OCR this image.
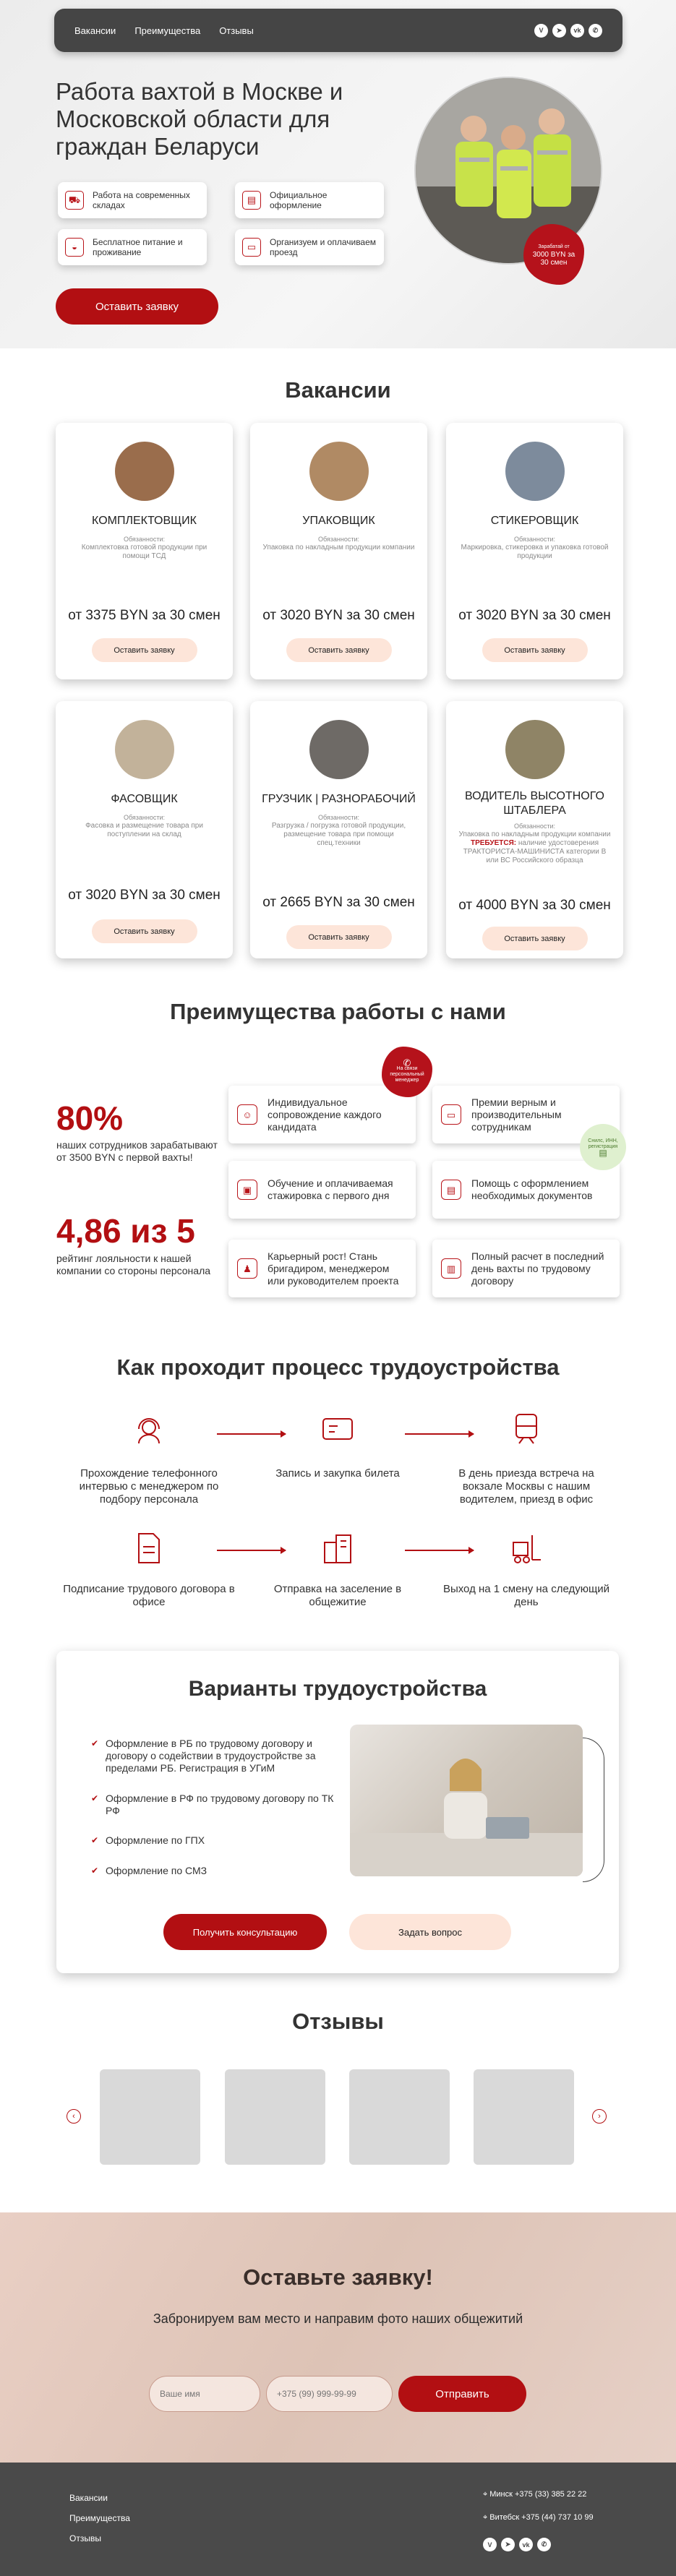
Вакансии Преимущества Отзывы	V	➤	vk	✆
Работа вахтой в Москве и Московской области для граждан Беларуси
⛟	Работа на современных складах	▤	Официальное оформление
◒	Бесплатное питание и проживание	▭	Организуем и оплачиваем проезд
Оставить заявку
Зарабатай от
3000 BYN за
30 смен
Вакансии
КОМПЛЕКТОВЩИК
Обязанности:
Комплектовка готовой продукции при помощи ТСД
от 3375 BYN за 30 смен
Оставить заявку
УПАКОВЩИК
Обязанности:
Упаковка по накладным продукции компании
от 3020 BYN за 30 смен
Оставить заявку
СТИКЕРОВЩИК
Обязанности:
Маркировка, стикеровка и упаковка готовой продукции
от 3020 BYN за 30 смен
Оставить заявку
ФАСОВЩИК
Обязанности:
Фасовка и размещение товара при поступлении на склад
от 3020 BYN за 30 смен
Оставить заявку
ГРУЗЧИК | РАЗНОРАБОЧИЙ
Обязанности:
Разгрузка / погрузка готовой продукции, размещение товара при помощи спец.техники
от 2665 BYN за 30 смен
Оставить заявку
ВОДИТЕЛЬ ВЫСОТНОГО ШТАБЛЕРА
Обязанности:
Упаковка по накладным продукции компании
ТРЕБУЕТСЯ: наличие удостоверения ТРАКТОРИСТА-МАШИНИСТА категории В или ВС Российского образца
от 4000 BYN за 30 смен
Оставить заявку
Преимущества работы с нами
80%
наших сотрудников зарабатывают от 3500 BYN с первой вахты!
4,86 из 5
рейтинг лояльности к нашей компании со стороны персонала
☺
Индивидуальное сопровождение каждого кандидата
▭
Премии верным и производительным сотрудникам
▣
Обучение и оплачиваемая стажировка с первого дня	▤
Помощь с оформлением необходимых документов
♟
Карьерный рост! Стань бригадиром, менеджером или руководителем проекта
▥
Полный расчет в последний день вахты по трудовому договору
✆
На связи персональный менеджер
Снилс, ИНН, регистрация
▤
Как проходит процесс трудоустройства
Прохождение телефонного интервью с менеджером по подбору персонала
Запись и закупка билета	В день приезда встреча на вокзале Москвы с нашим водителем, приезд в офис
Подписание трудового договора в офисе
Отправка на заселение в общежитие
Выход на 1 смену на следующий день
Варианты трудоустройства
✔ Оформление в РБ по трудовому договору и договору о содействии в трудоустройстве за пределами РБ. Регистрация в УГиМ
✔ Оформление в РФ по трудовому договору по ТК РФ
✔ Оформление по ГПХ
✔ Оформление по СМЗ
Получить консультацию	Задать вопрос
Отзывы
‹	›
Оставьте заявку!

Забронируем вам место и направим фото наших общежитий

Ваше имя
+375 (99) 999-99-99
Отправить
Вакансии
Преимущества
Отзывы
⌖ Минск +375 (33) 385 22 22
⌖ Витебск +375 (44) 737 10 99
V	➤	vk	✆
